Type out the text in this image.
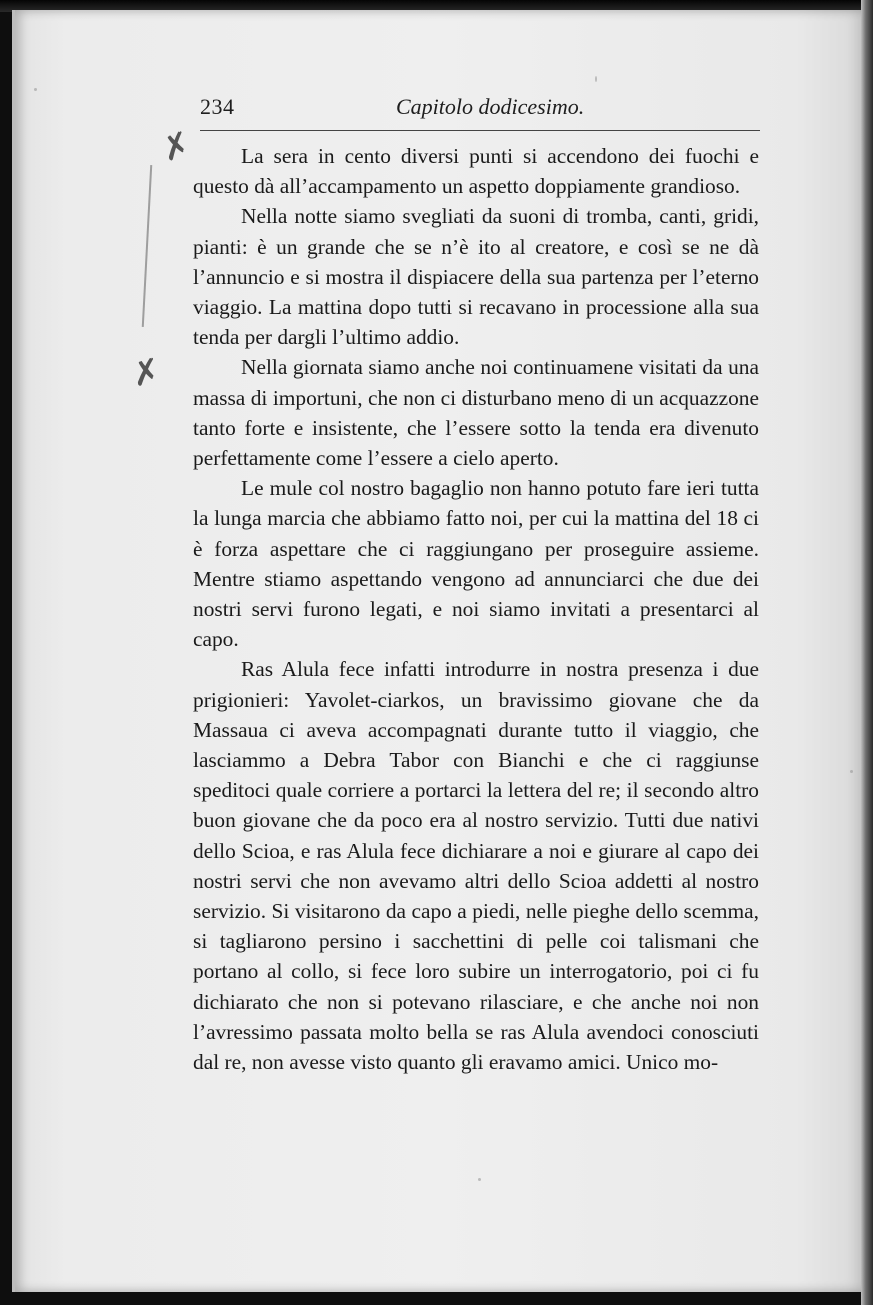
234	Capitolo dodicesimo.
✗
✗

La sera in cento diversi punti si accendono dei fuochi e questo dà all’accampamento un aspetto doppiamente grandioso.

Nella notte siamo svegliati da suoni di tromba, canti, gridi, pianti: è un grande che se n’è ito al creatore, e così se ne dà l’annuncio e si mostra il dispiacere della sua partenza per l’eterno viaggio. La mattina dopo tutti si recavano in processione alla sua tenda per dargli l’ultimo addio.

Nella giornata siamo anche noi continuamene visitati da una massa di importuni, che non ci disturbano meno di un acquazzone tanto forte e insistente, che l’essere sotto la tenda era divenuto perfettamente come l’essere a cielo aperto.

Le mule col nostro bagaglio non hanno potuto fare ieri tutta la lunga marcia che abbiamo fatto noi, per cui la mattina del 18 ci è forza aspettare che ci raggiungano per proseguire assieme. Mentre stiamo aspettando vengono ad annunciarci che due dei nostri servi furono legati, e noi siamo invitati a presentarci al capo.

Ras Alula fece infatti introdurre in nostra presenza i due prigionieri: Yavolet-ciarkos, un bravissimo giovane che da Massaua ci aveva accompagnati durante tutto il viaggio, che lasciammo a Debra Tabor con Bianchi e che ci raggiunse speditoci quale corriere a portarci la lettera del re; il secondo altro buon giovane che da poco era al nostro servizio. Tutti due nativi dello Scioa, e ras Alula fece dichiarare a noi e giurare al capo dei nostri servi che non avevamo altri dello Scioa addetti al nostro servizio. Si visitarono da capo a piedi, nelle pieghe dello scemma, si tagliarono persino i sacchettini di pelle coi talismani che portano al collo, si fece loro subire un interrogatorio, poi ci fu dichiarato che non si potevano rilasciare, e che anche noi non l’avressimo passata molto bella se ras Alula avendoci conosciuti dal re, non avesse visto quanto gli eravamo amici. Unico mo-
